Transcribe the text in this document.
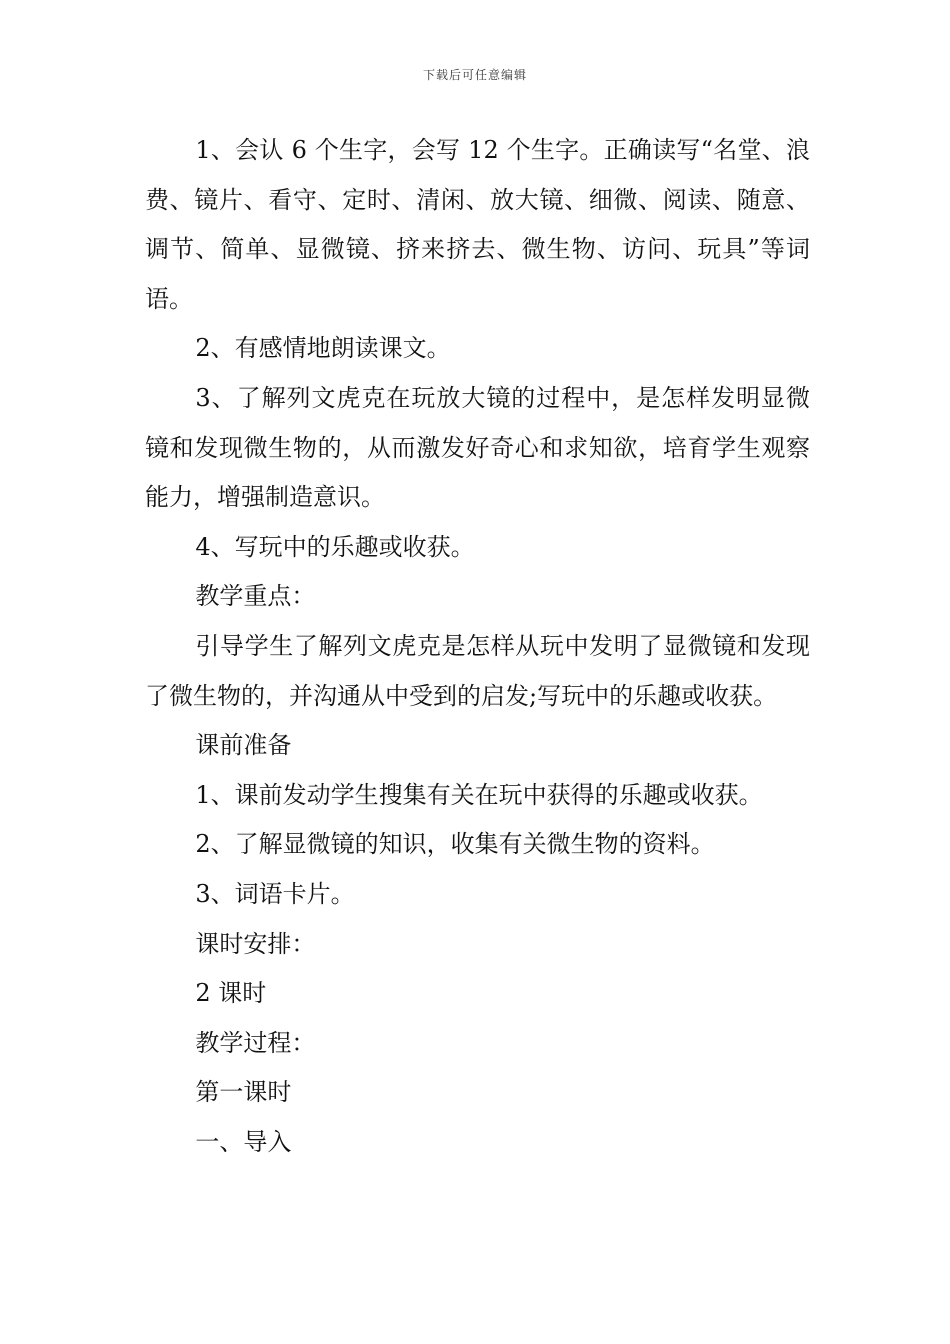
下载后可任意编辑

1、会认 6 个生字，会写 12 个生字。正确读写“名堂、浪费、镜片、看守、定时、清闲、放大镜、细微、阅读、随意、调节、简单、显微镜、挤来挤去、微生物、访问、玩具”等词语。

2、有感情地朗读课文。

3、了解列文虎克在玩放大镜的过程中，是怎样发明显微镜和发现微生物的，从而激发好奇心和求知欲，培育学生观察能力，增强制造意识。

4、写玩中的乐趣或收获。

教学重点：

引导学生了解列文虎克是怎样从玩中发明了显微镜和发现了微生物的，并沟通从中受到的启发;写玩中的乐趣或收获。

课前准备

1、课前发动学生搜集有关在玩中获得的乐趣或收获。

2、了解显微镜的知识，收集有关微生物的资料。

3、词语卡片。

课时安排：

2 课时

教学过程：

第一课时

一、导入
